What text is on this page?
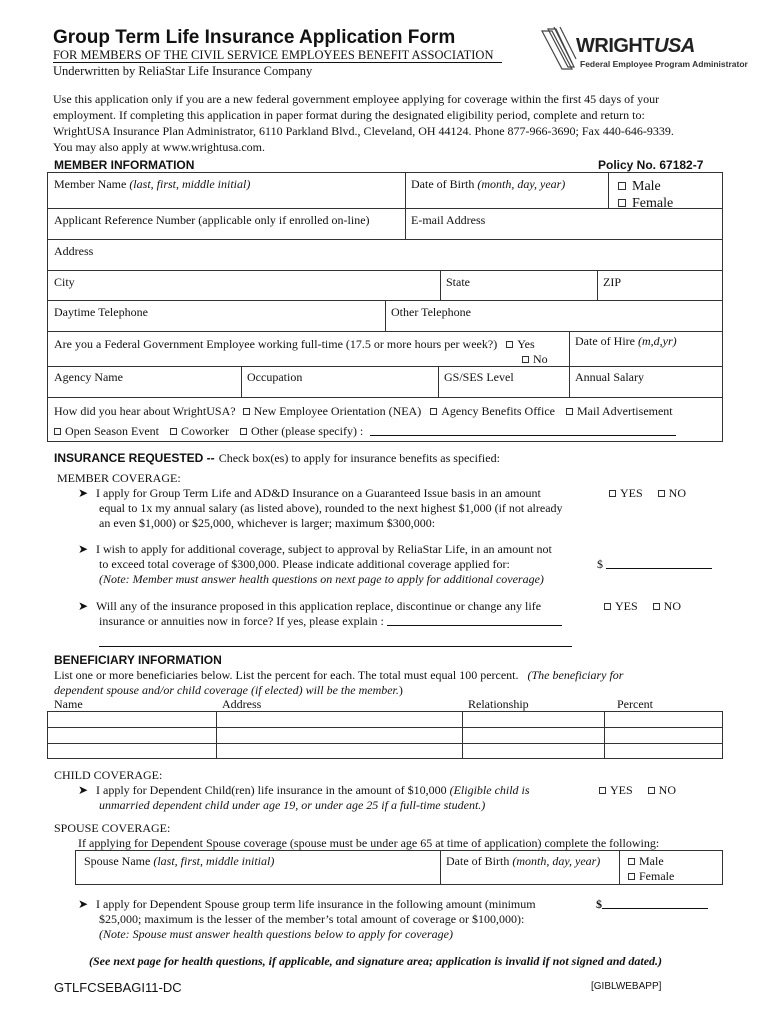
Group Term Life Insurance Application Form
FOR MEMBERS OF THE CIVIL SERVICE EMPLOYEES BENEFIT ASSOCIATION
Underwritten by ReliaStar Life Insurance Company
WRIGHTUSA
Federal Employee Program Administrator
Use this application only if you are a new federal government employee applying for coverage within the first 45 days of your
employment. If completing this application in paper format during the designated eligibility period, complete and return to:
WrightUSA Insurance Plan Administrator, 6110 Parkland Blvd., Cleveland, OH 44124. Phone 877-966-3690; Fax 440-646-9339.
You may also apply at www.wrightusa.com.
MEMBER INFORMATION	Policy No. 67182-7
Member Name (last, first, middle initial)	Date of Birth (month, day, year)	Male
Female
Applicant Reference Number (applicable only if enrolled on-line)	E-mail Address
Address
City	State	ZIP
Daytime Telephone	Other Telephone
Are you a Federal Government Employee working full-time (17.5 or more hours per week?) Yes
No
Date of Hire (m,d,yr)
Agency Name	Occupation	GS/SES Level	Annual Salary
How did you hear about WrightUSA? New Employee Orientation (NEA) Agency Benefits Office Mail Advertisement
Open Season Event Coworker Other (please specify) :
INSURANCE REQUESTED -- Check box(es) to apply for insurance benefits as specified:
MEMBER COVERAGE:
➤ I apply for Group Term Life and AD&D Insurance on a Guaranteed Issue basis in an amount
equal to 1x my annual salary (as listed above), rounded to the next highest $1,000 (if not already
an even $1,000) or $25,000, whichever is larger; maximum $300,000:
YES NO
➤ I wish to apply for additional coverage, subject to approval by ReliaStar Life, in an amount not
to exceed total coverage of $300,000. Please indicate additional coverage applied for:
(Note: Member must answer health questions on next page to apply for additional coverage)
$
➤ Will any of the insurance proposed in this application replace, discontinue or change any life
insurance or annuities now in force? If yes, please explain :
YES NO
BENEFICIARY INFORMATION
List one or more beneficiaries below. List the percent for each. The total must equal 100 percent. (The beneficiary for
dependent spouse and/or child coverage (if elected) will be the member.)
Name	Address	Relationship	Percent
CHILD COVERAGE:
➤ I apply for Dependent Child(ren) life insurance in the amount of $10,000 (Eligible child is
unmarried dependent child under age 19, or under age 25 if a full-time student.)
YES NO
SPOUSE COVERAGE:
If applying for Dependent Spouse coverage (spouse must be under age 65 at time of application) complete the following:
Spouse Name (last, first, middle initial)	Date of Birth (month, day, year)	Male
Female
➤ I apply for Dependent Spouse group term life insurance in the following amount (minimum
$25,000; maximum is the lesser of the member’s total amount of coverage or $100,000):
(Note: Spouse must answer health questions below to apply for coverage)
$
(See next page for health questions, if applicable, and signature area; application is invalid if not signed and dated.)
GTLFCSEBAGI11-DC	[GIBLWEBAPP]
